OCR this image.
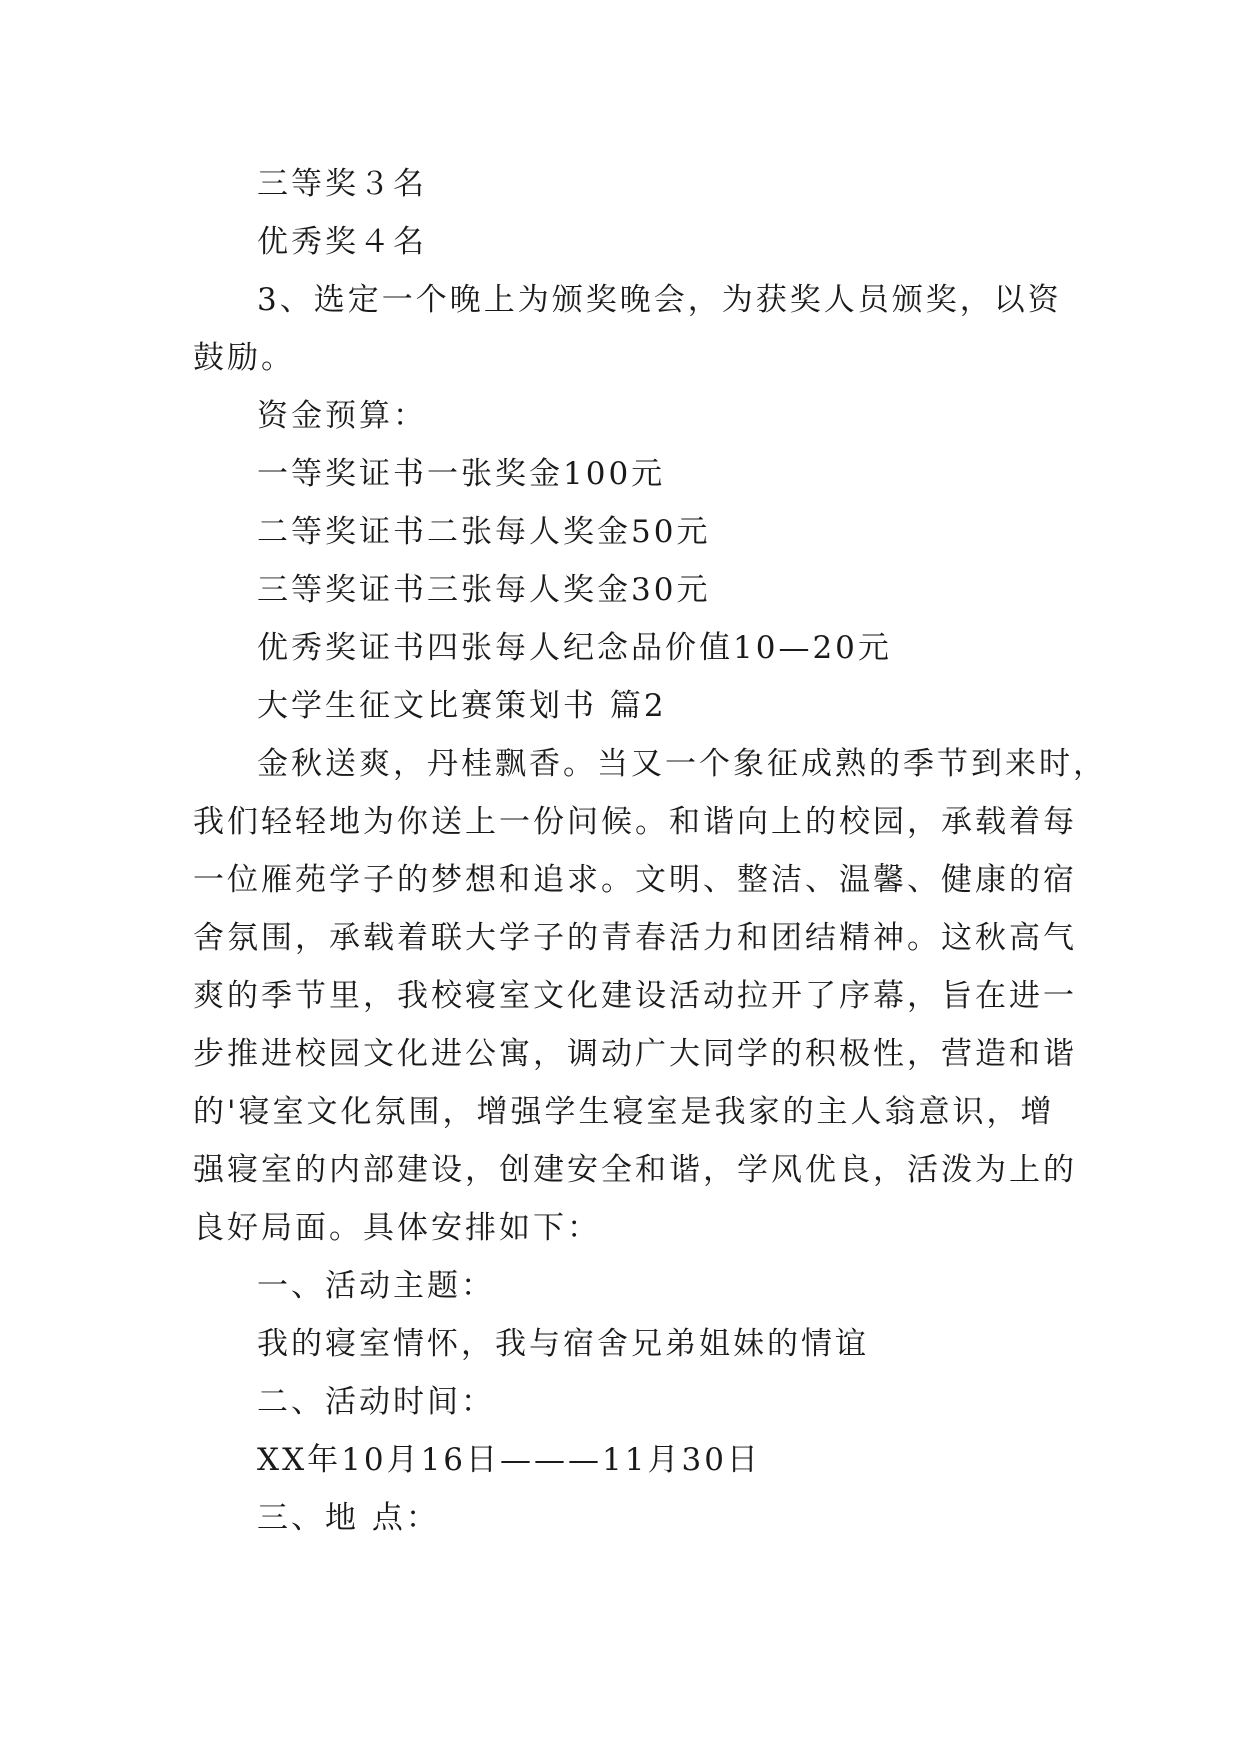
三等奖３名
优秀奖４名
3、选定一个晚上为颁奖晚会，为获奖人员颁奖，以资
鼓励。
资金预算：
一等奖证书一张奖金100元
二等奖证书二张每人奖金50元
三等奖证书三张每人奖金30元
优秀奖证书四张每人纪念品价值10—20元
大学生征文比赛策划书 篇2
金秋送爽，丹桂飘香。当又一个象征成熟的季节到来时，
我们轻轻地为你送上一份问候。和谐向上的校园，承载着每
一位雁苑学子的梦想和追求。文明、整洁、温馨、健康的宿
舍氛围，承载着联大学子的青春活力和团结精神。这秋高气
爽的季节里，我校寝室文化建设活动拉开了序幕，旨在进一
步推进校园文化进公寓，调动广大同学的积极性，营造和谐
的'寝室文化氛围，增强学生寝室是我家的主人翁意识，增
强寝室的内部建设，创建安全和谐，学风优良，活泼为上的
良好局面。具体安排如下：
一、活动主题：
我的寝室情怀，我与宿舍兄弟姐妹的情谊
二、活动时间：
XX年10月16日———11月30日
三、地 点：
